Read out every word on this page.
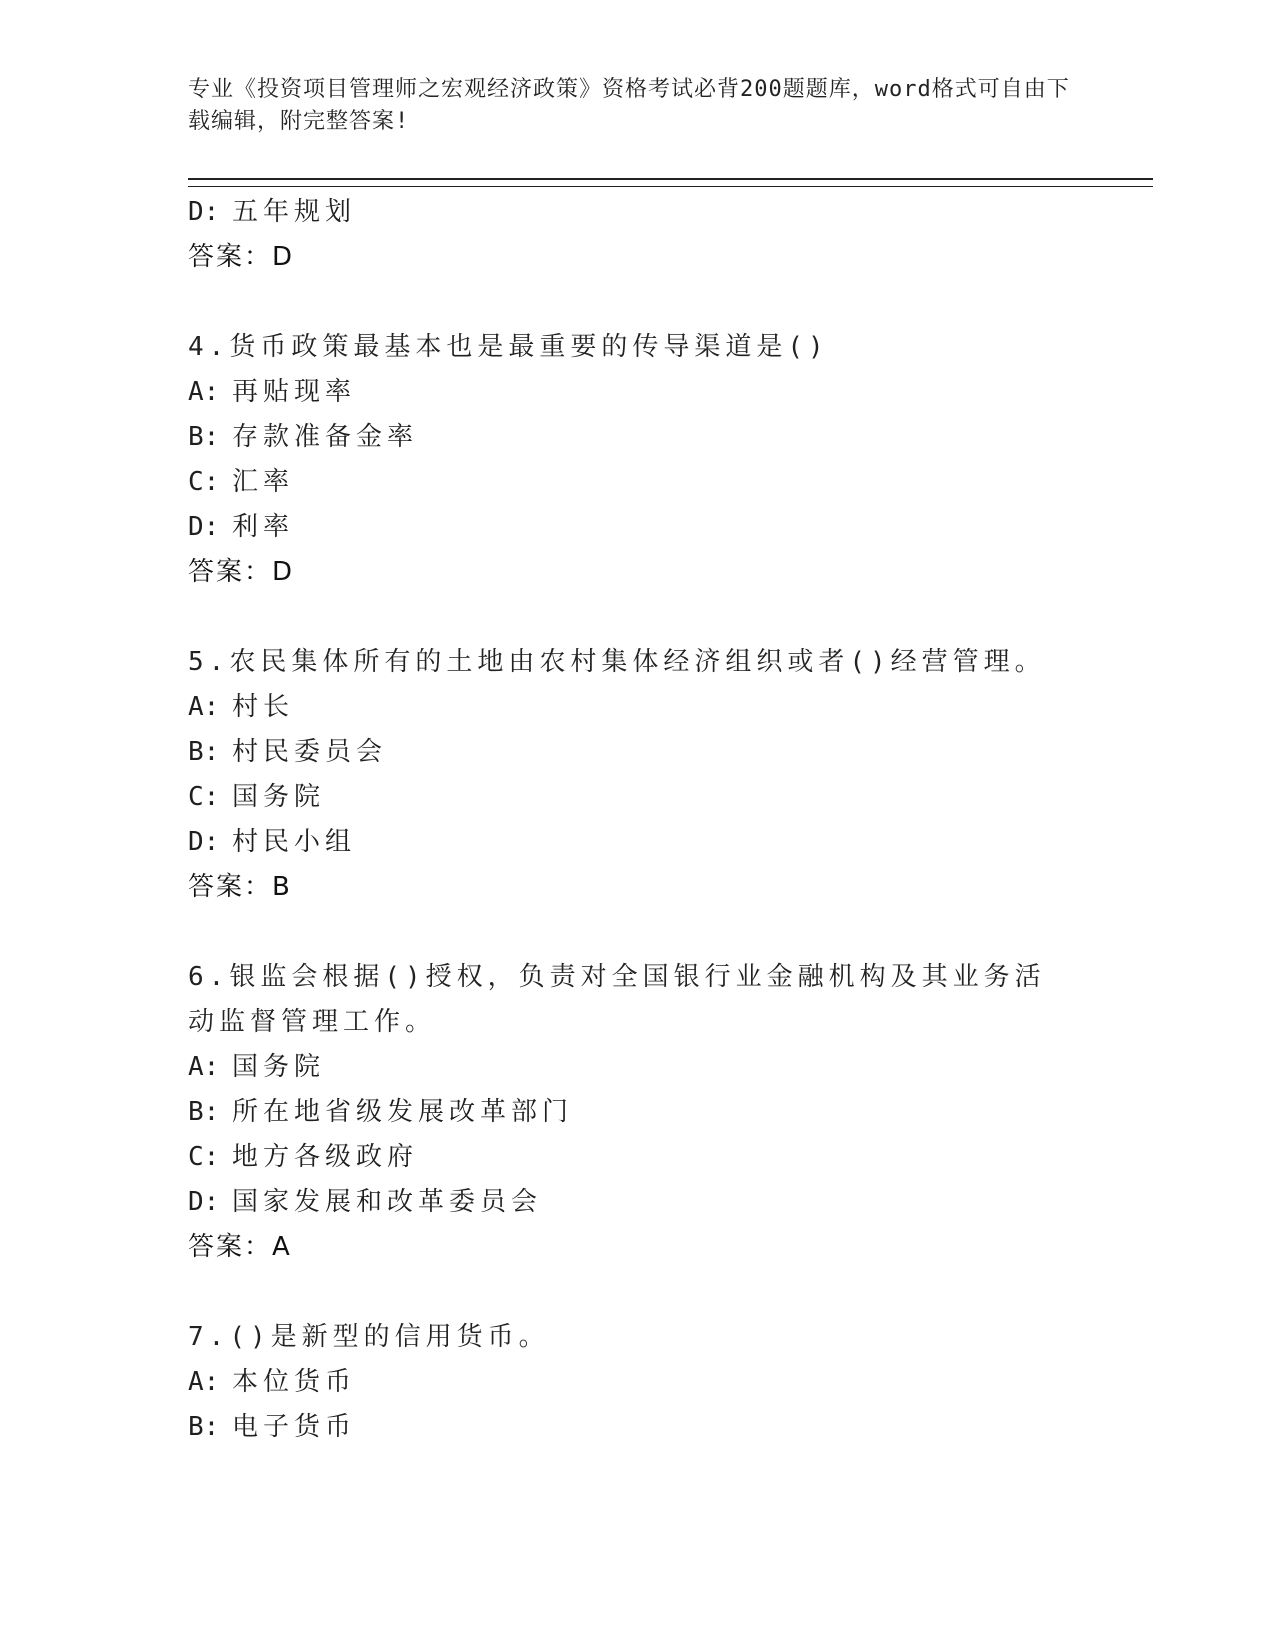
专业《投资项目管理师之宏观经济政策》资格考试必背200题题库，word格式可自由下载编辑，附完整答案!
D: 五年规划
答案：D
4.货币政策最基本也是最重要的传导渠道是()
A: 再贴现率
B: 存款准备金率
C: 汇率
D: 利率
答案：D
5.农民集体所有的土地由农村集体经济组织或者()经营管理。
A: 村长
B: 村民委员会
C: 国务院
D: 村民小组
答案：B
6.银监会根据()授权，负责对全国银行业金融机构及其业务活动监督管理工作。
A: 国务院
B: 所在地省级发展改革部门
C: 地方各级政府
D: 国家发展和改革委员会
答案：A
7.()是新型的信用货币。
A: 本位货币
B: 电子货币
